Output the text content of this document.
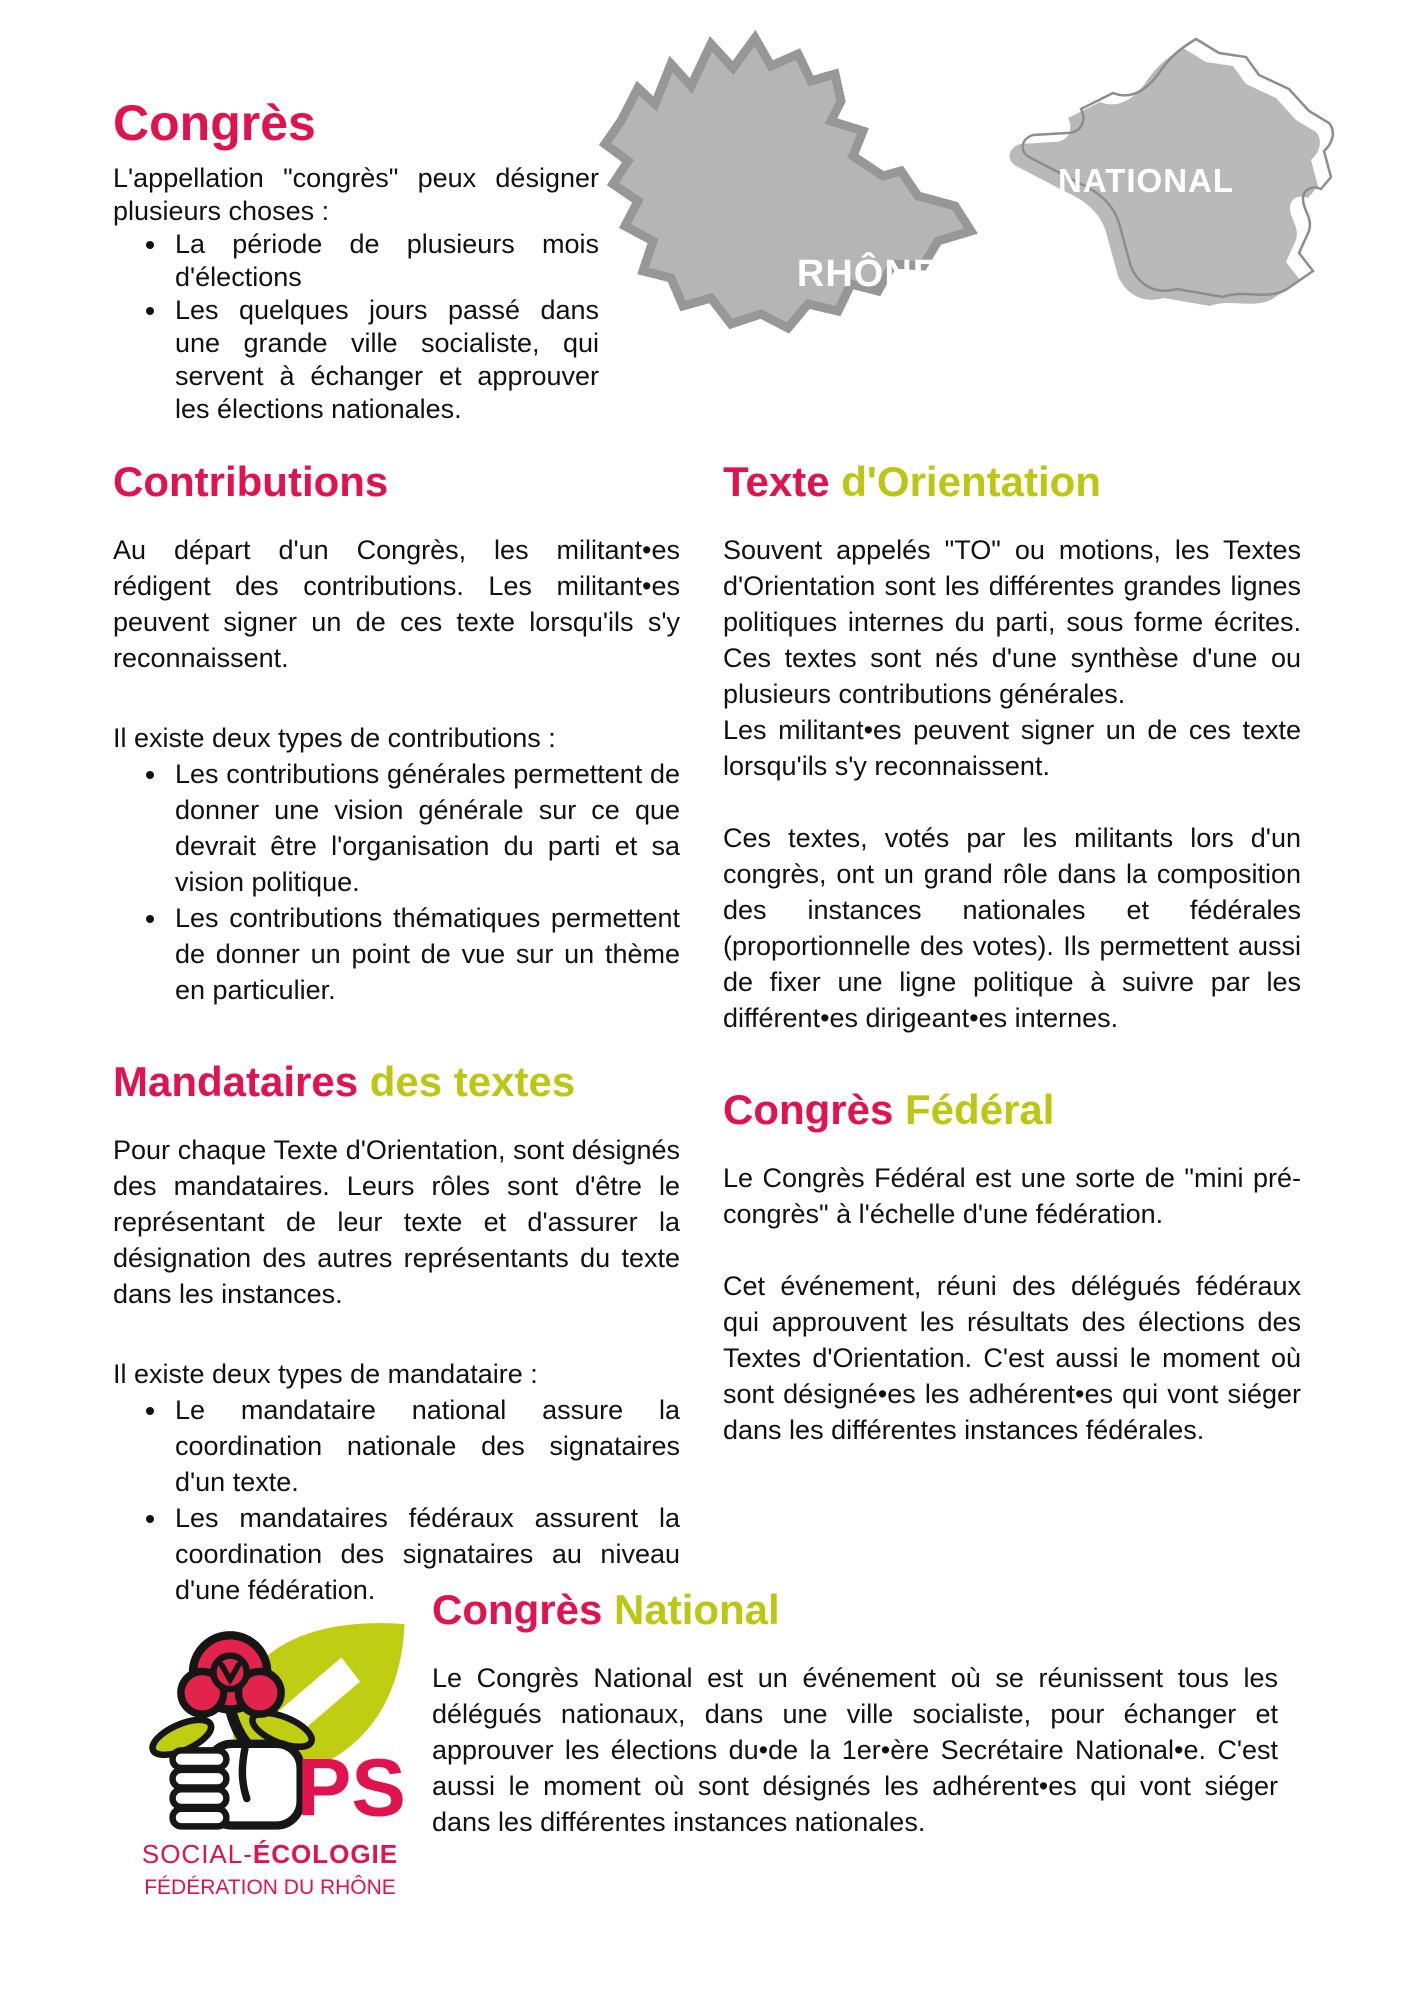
Congrès

L'appellation "congrès" peux désigner plusieurs choses :

• La période de plusieurs mois d'élections
• Les quelques jours passé dans une grande ville socialiste, qui servent à échanger et approuver les élections nationales.
RHÔNE
NATIONAL
Contributions

Au départ d'un Congrès, les militant•es rédigent des contributions. Les militant•es peuvent signer un de ces texte lorsqu'ils s'y reconnaissent.

Il existe deux types de contributions :

• Les contributions générales permettent de donner une vision générale sur ce que devrait être l'organisation du parti et sa vision politique.
• Les contributions thématiques permettent de donner un point de vue sur un thème en particulier.
Mandataires des textes

Pour chaque Texte d'Orientation, sont désignés des mandataires. Leurs rôles sont d'être le représentant de leur texte et d'assurer la désignation des autres représentants du texte dans les instances.

Il existe deux types de mandataire :

• Le mandataire national assure la coordination nationale des signataires d'un texte.
• Les mandataires fédéraux assurent la coordination des signataires au niveau d'une fédération.
Texte d'Orientation

Souvent appelés "TO" ou motions, les Textes d'Orientation sont les différentes grandes lignes politiques internes du parti, sous forme écrites. Ces textes sont nés d'une synthèse d'une ou plusieurs contributions générales.

Les militant•es peuvent signer un de ces texte lorsqu'ils s'y reconnaissent.

Ces textes, votés par les militants lors d'un congrès, ont un grand rôle dans la composition des instances nationales et fédérales (proportionnelle des votes). Ils permettent aussi de fixer une ligne politique à suivre par les différent•es dirigeant•es internes.

Congrès Fédéral

Le Congrès Fédéral est une sorte de "mini pré-congrès" à l'échelle d'une fédération.

Cet événement, réuni des délégués fédéraux qui approuvent les résultats des élections des Textes d'Orientation. C'est aussi le moment où sont désigné•es les adhérent•es qui vont siéger dans les différentes instances fédérales.

PS
SOCIAL-ÉCOLOGIE
FÉDÉRATION DU RHÔNE
Congrès National

Le Congrès National est un événement où se réunissent tous les délégués nationaux, dans une ville socialiste, pour échanger et approuver les élections du•de la 1er•ère Secrétaire National•e. C'est aussi le moment où sont désignés les adhérent•es qui vont siéger dans les différentes instances nationales.
